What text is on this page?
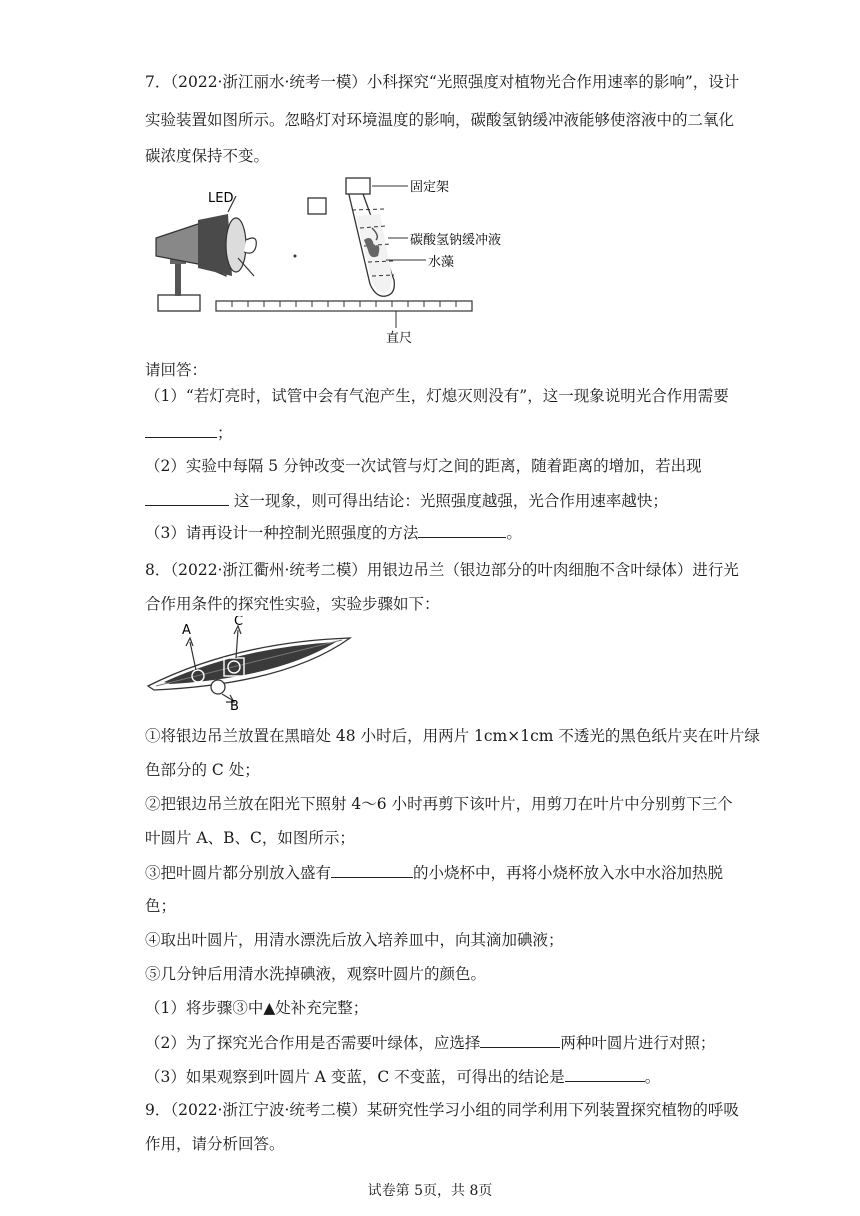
7．（2022·浙江丽水·统考一模）小科探究“光照强度对植物光合作用速率的影响”，设计
实验装置如图所示。忽略灯对环境温度的影响，碳酸氢钠缓冲液能够使溶液中的二氧化
碳浓度保持不变。
LED
固定架
碳酸氢钠缓冲液
水藻
直尺
请回答：
（1）“若灯亮时，试管中会有气泡产生，灯熄灭则没有”，这一现象说明光合作用需要
；
（2）实验中每隔 5 分钟改变一次试管与灯之间的距离，随着距离的增加，若出现
这一现象，则可得出结论：光照强度越强，光合作用速率越快；
（3）请再设计一种控制光照强度的方法	。
8．（2022·浙江衢州·统考二模）用银边吊兰（银边部分的叶肉细胞不含叶绿体）进行光
合作用条件的探究性实验，实验步骤如下：
A
C
B
①将银边吊兰放置在黑暗处 48 小时后，用两片 1cm×1cm 不透光的黑色纸片夹在叶片绿
色部分的 C 处；
②把银边吊兰放在阳光下照射 4～6 小时再剪下该叶片，用剪刀在叶片中分别剪下三个
叶圆片 A、B、C，如图所示；
③把叶圆片都分别放入盛有	的小烧杯中，再将小烧杯放入水中水浴加热脱
色；
④取出叶圆片，用清水漂洗后放入培养皿中，向其滴加碘液；
⑤几分钟后用清水洗掉碘液，观察叶圆片的颜色。
（1）将步骤③中▲处补充完整；
（2）为了探究光合作用是否需要叶绿体，应选择	两种叶圆片进行对照；
（3）如果观察到叶圆片 A 变蓝，C 不变蓝，可得出的结论是	。
9．（2022·浙江宁波·统考二模）某研究性学习小组的同学利用下列装置探究植物的呼吸
作用，请分析回答。
试卷第 5页，共 8页
